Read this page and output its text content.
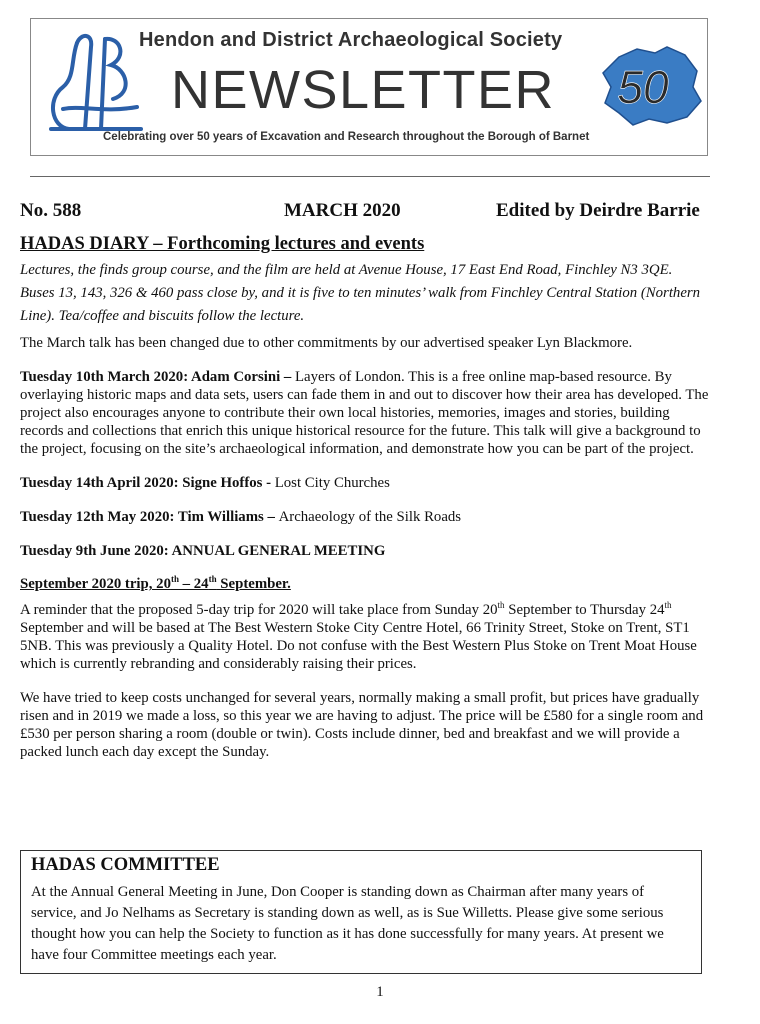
Hendon and District Archaeological Society
NEWSLETTER 50
Celebrating over 50 years of Excavation and Research throughout the Borough of Barnet
No. 588	MARCH 2020	Edited by Deirdre Barrie
HADAS DIARY – Forthcoming lectures and events

Lectures, the finds group course, and the film are held at Avenue House, 17 East End Road, Finchley N3 3QE. Buses 13, 143, 326 & 460 pass close by, and it is five to ten minutes’ walk from Finchley Central Station (Northern Line). Tea/coffee and biscuits follow the lecture.

The March talk has been changed due to other commitments by our advertised speaker Lyn Blackmore.

Tuesday 10th March 2020: Adam Corsini – Layers of London. This is a free online map-based resource. By overlaying historic maps and data sets, users can fade them in and out to discover how their area has developed. The project also encourages anyone to contribute their own local histories, memories, images and stories, building records and collections that enrich this unique historical resource for the future. This talk will give a background to the project, focusing on the site’s archaeological information, and demonstrate how you can be part of the project.

Tuesday 14th April 2020: Signe Hoffos - Lost City Churches

Tuesday 12th May 2020: Tim Williams – Archaeology of the Silk Roads

Tuesday 9th June 2020: ANNUAL GENERAL MEETING

September 2020 trip, 20th – 24th September.

A reminder that the proposed 5-day trip for 2020 will take place from Sunday 20th September to Thursday 24th September and will be based at The Best Western Stoke City Centre Hotel, 66 Trinity Street, Stoke on Trent, ST1 5NB. This was previously a Quality Hotel. Do not confuse with the Best Western Plus Stoke on Trent Moat House which is currently rebranding and considerably raising their prices.

We have tried to keep costs unchanged for several years, normally making a small profit, but prices have gradually risen and in 2019 we made a loss, so this year we are having to adjust. The price will be £580 for a single room and £530 per person sharing a room (double or twin). Costs include dinner, bed and breakfast and we will provide a packed lunch each day except the Sunday.

HADAS COMMITTEE

At the Annual General Meeting in June, Don Cooper is standing down as Chairman after many years of service, and Jo Nelhams as Secretary is standing down as well, as is Sue Willetts. Please give some serious thought how you can help the Society to function as it has done successfully for many years. At present we have four Committee meetings each year.

1
